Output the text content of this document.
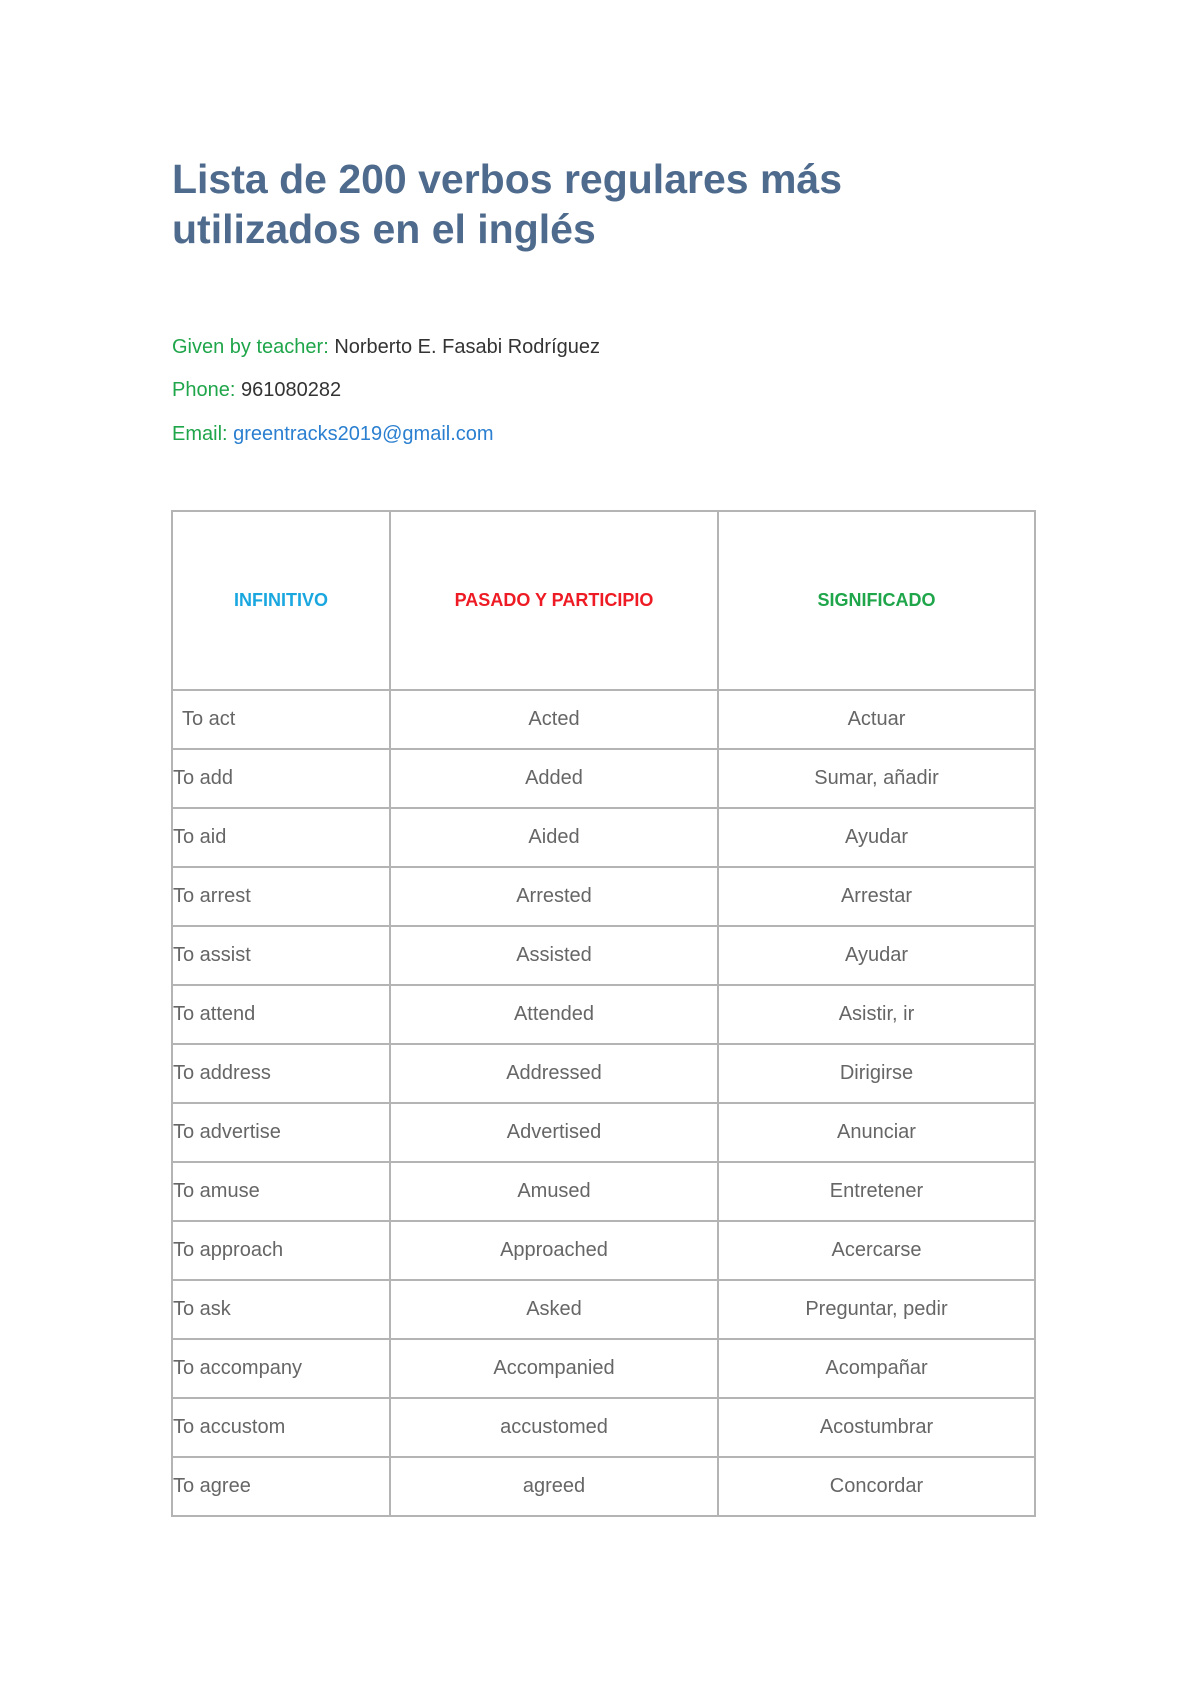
Lista de 200 verbos regulares más
utilizados en el inglés
Given by teacher: Norberto E. Fasabi Rodríguez
Phone: 961080282
Email: greentracks2019@gmail.com
INFINITIVO	PASADO Y PARTICIPIO	SIGNIFICADO
To act	Acted	Actuar
To add	Added	Sumar, añadir
To aid	Aided	Ayudar
To arrest	Arrested	Arrestar
To assist	Assisted	Ayudar
To attend	Attended	Asistir, ir
To address	Addressed	Dirigirse
To advertise	Advertised	Anunciar
To amuse	Amused	Entretener
To approach	Approached	Acercarse
To ask	Asked	Preguntar, pedir
To accompany	Accompanied	Acompañar
To accustom	accustomed	Acostumbrar
To agree	agreed	Concordar
